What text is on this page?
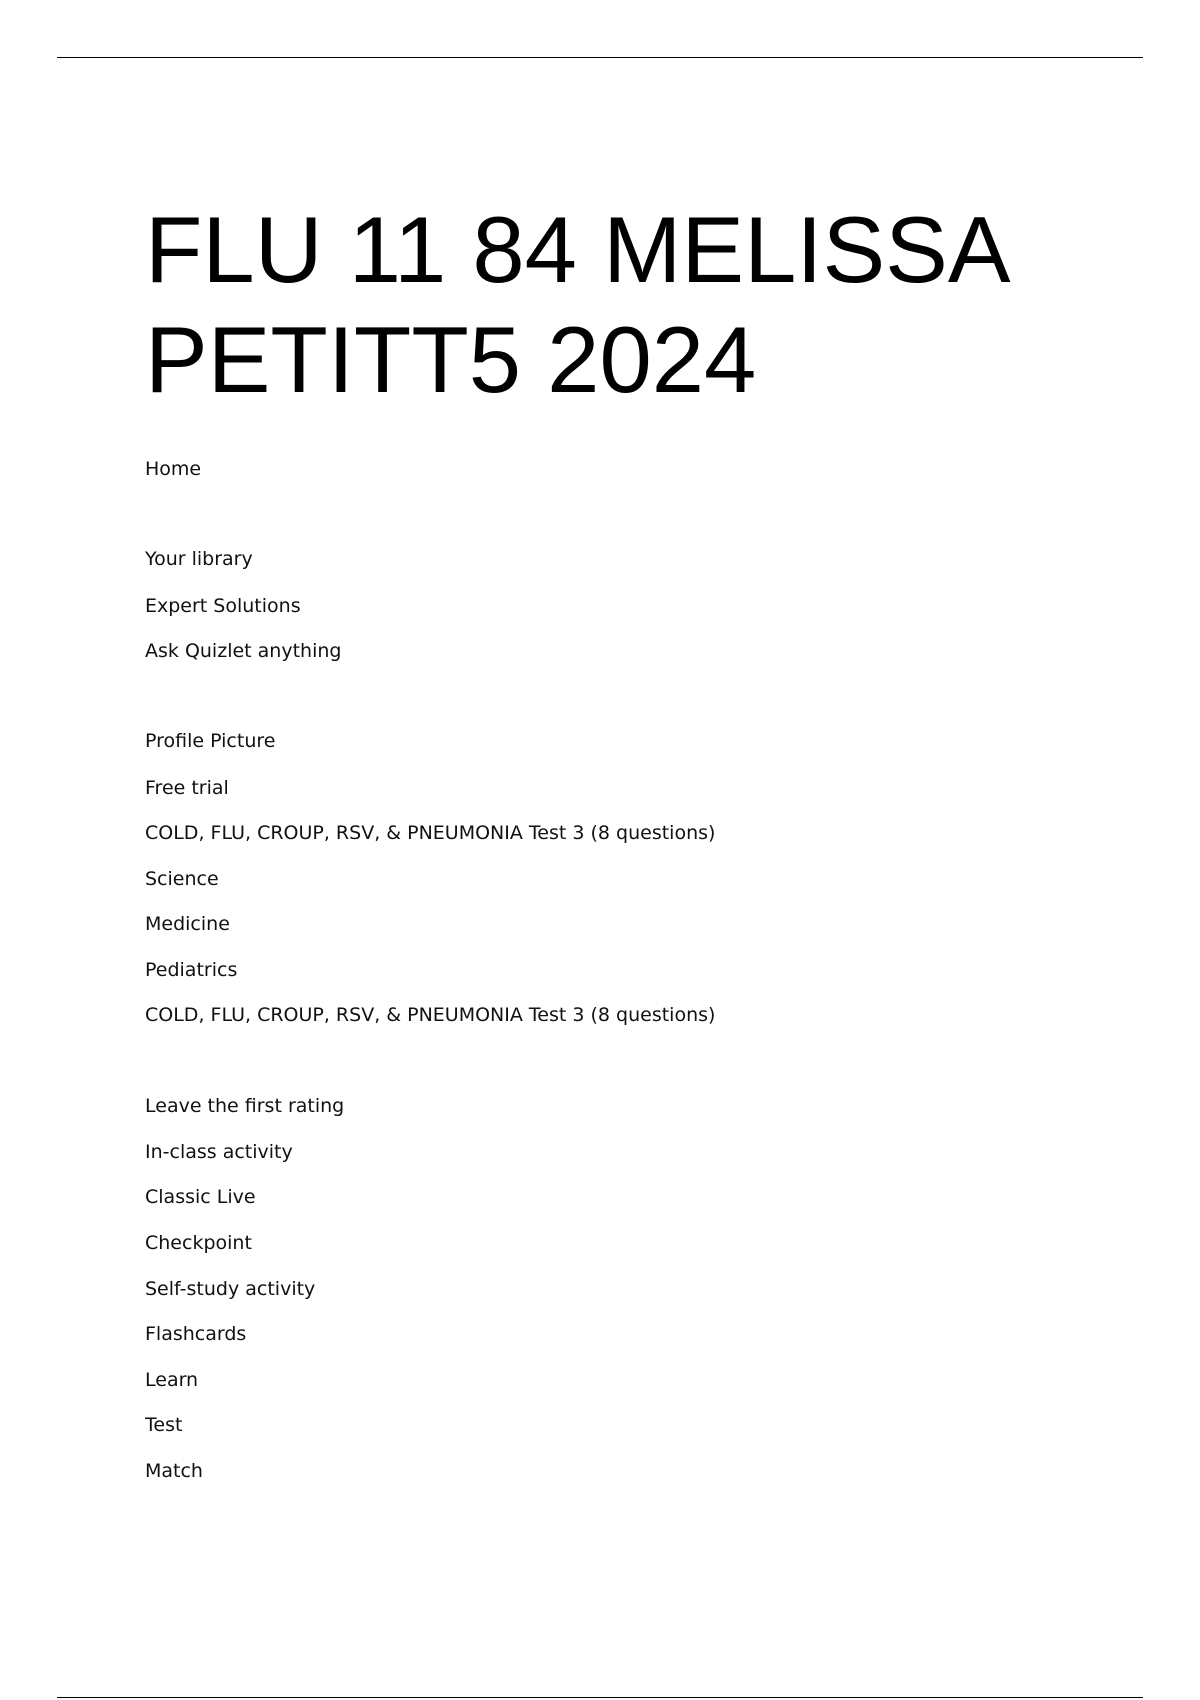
FLU 11 84 MELISSA
PETITT5 2024

Home

Your library

Expert Solutions

Ask Quizlet anything

Profile Picture

Free trial

COLD, FLU, CROUP, RSV, & PNEUMONIA Test 3 (8 questions)

Science

Medicine

Pediatrics

COLD, FLU, CROUP, RSV, & PNEUMONIA Test 3 (8 questions)

Leave the first rating

In-class activity

Classic Live

Checkpoint

Self-study activity

Flashcards

Learn

Test

Match
